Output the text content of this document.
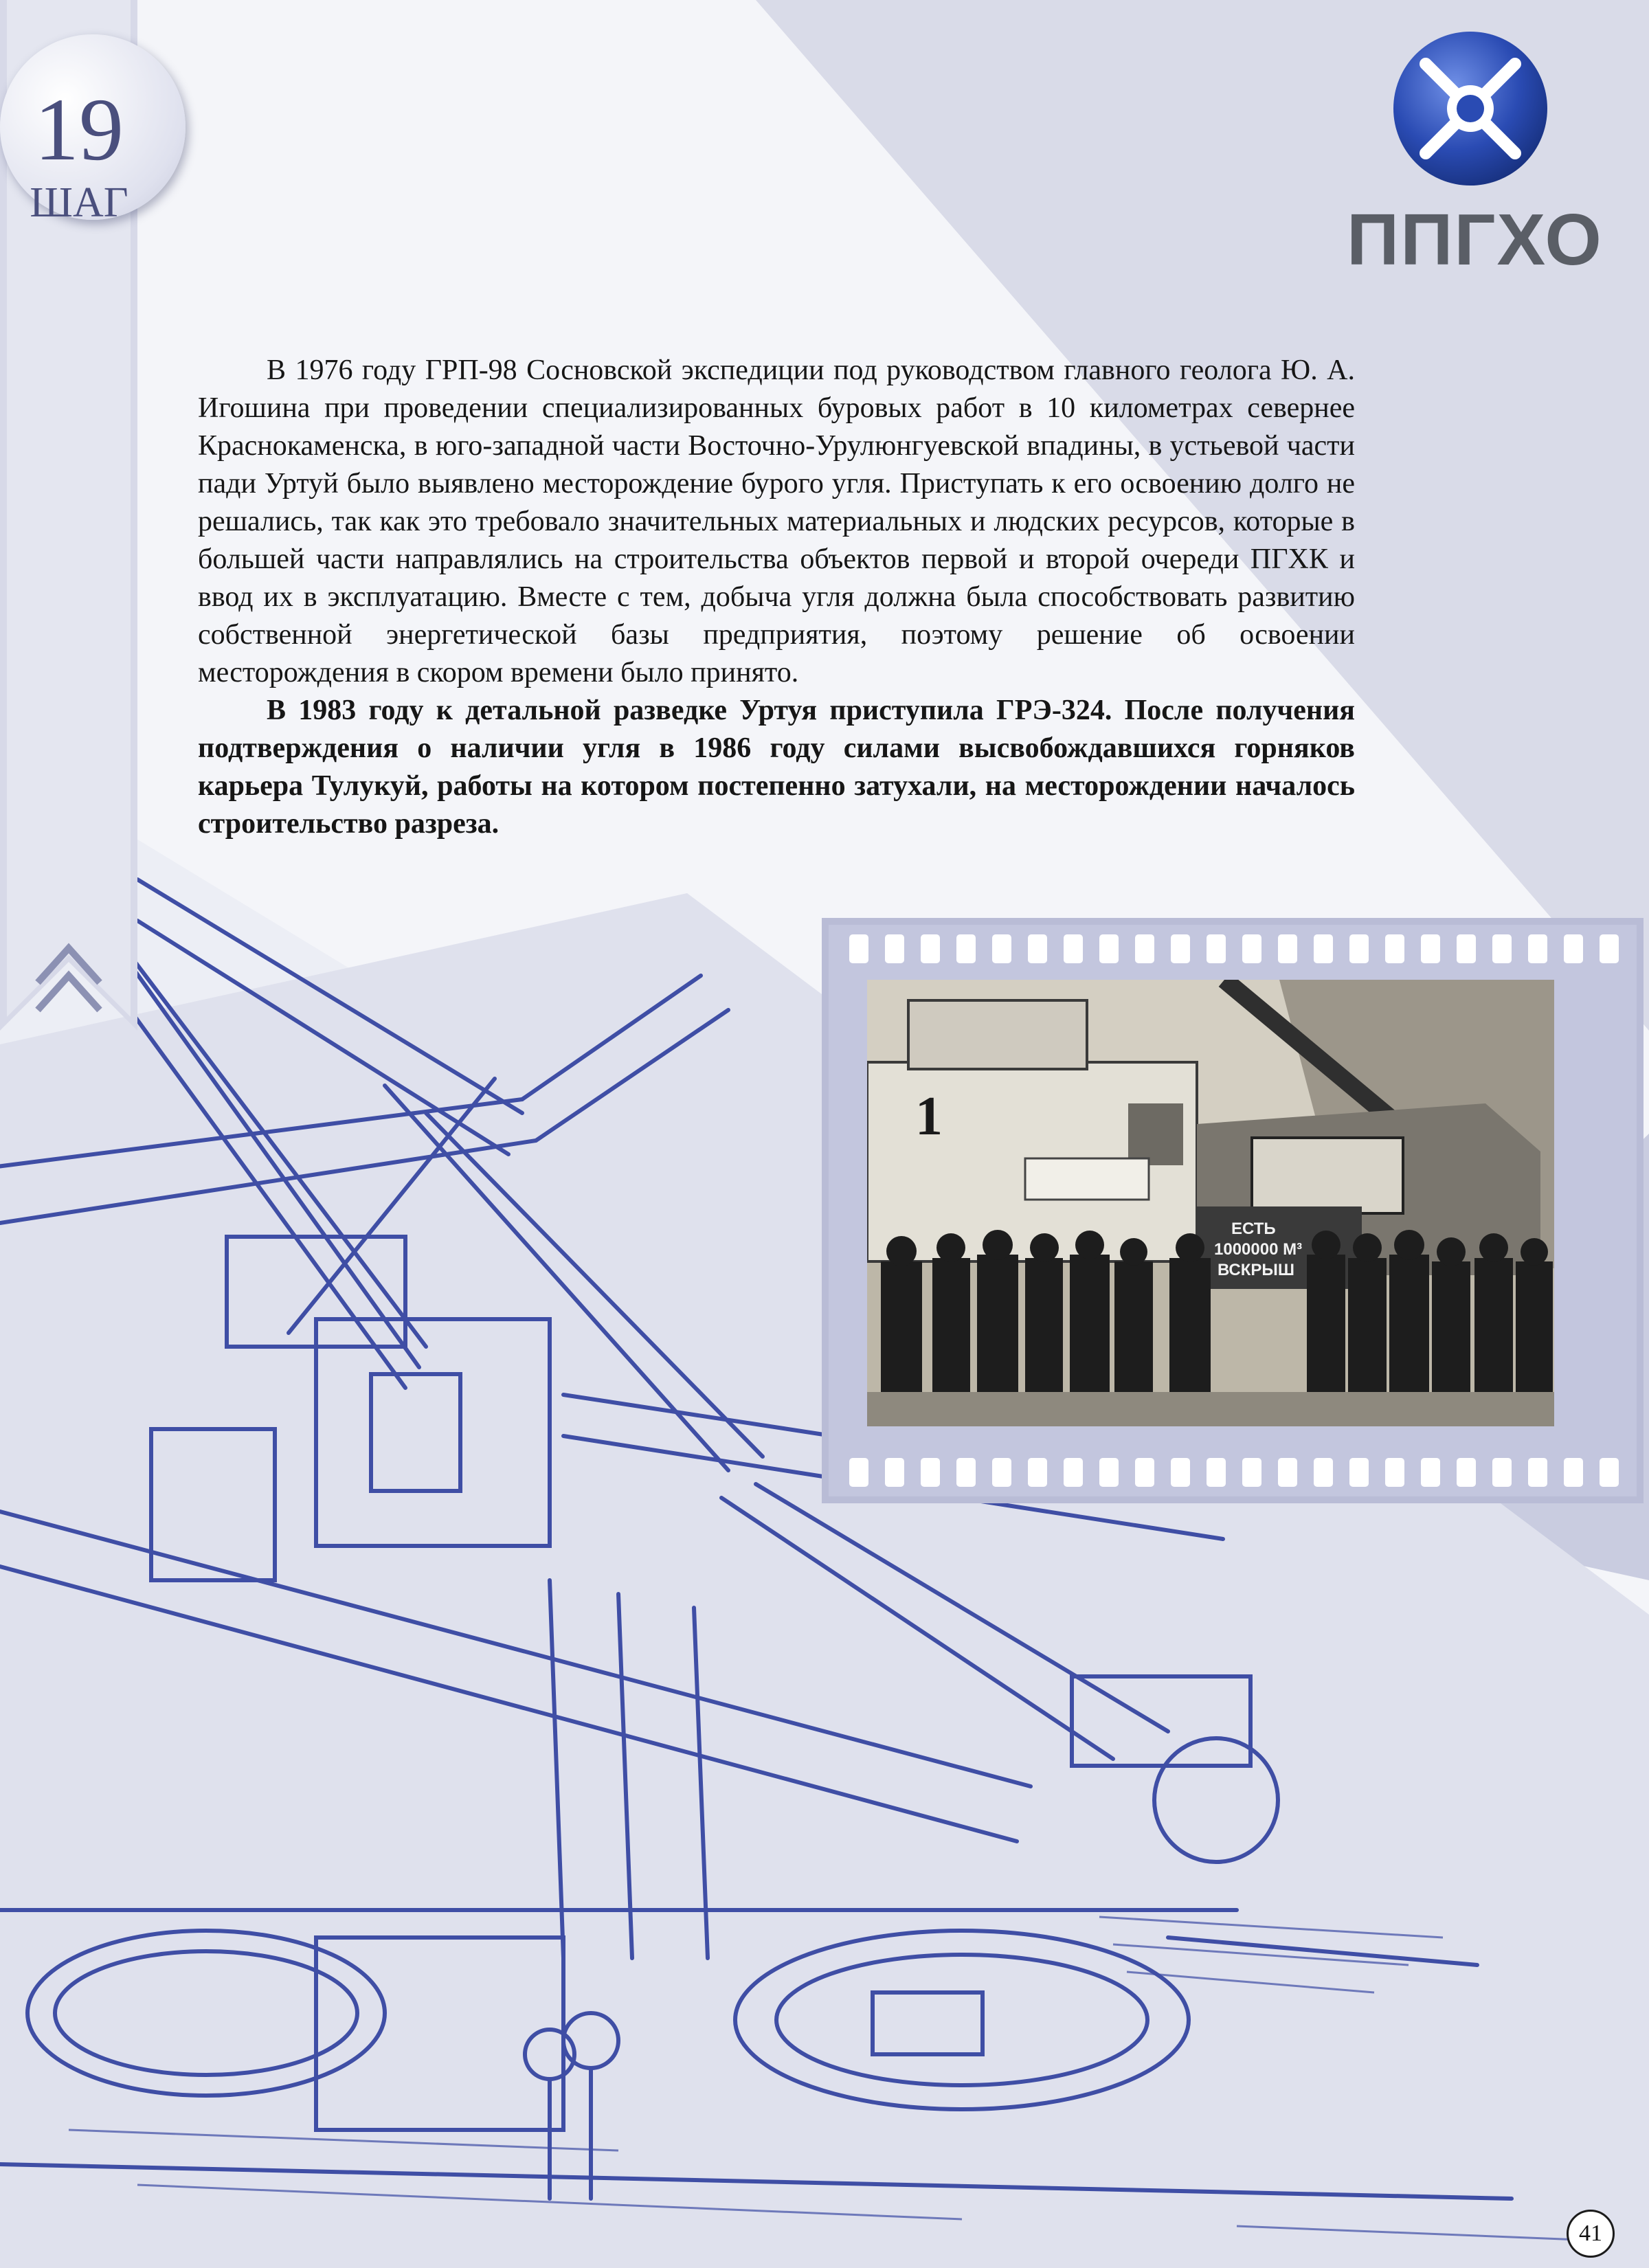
19
ШАГ	ППГХО

В 1976 году ГРП-98 Сосновской экспедиции под руководством главного геолога Ю. А. Игошина при проведении специализированных буровых работ в 10 километрах севернее Краснокаменска, в юго-западной части Восточно-Урулюнгуевской впадины, в устьевой части пади Уртуй было выявлено месторождение бурого угля. Приступать к его освоению долго не решались, так как это требовало значительных материальных и людских ресурсов, которые в большей части направлялись на строительства объектов первой и второй очереди ПГХК и ввод их в эксплуатацию. Вместе с тем, добыча угля должна была способствовать развитию собственной энергетической базы предприятия, поэтому решение об освоении месторождения в скором времени было принято.

В 1983 году к детальной разведке Уртуя приступила ГРЭ-324. После получения подтверждения о наличии угля в 1986 году силами высвобождавшихся горняков карьера Тулукуй, работы на котором постепенно затухали, на месторождении началось строительство разреза.

1
ЕСТЬ
1000000 М³
ВСКРЫШ
41
